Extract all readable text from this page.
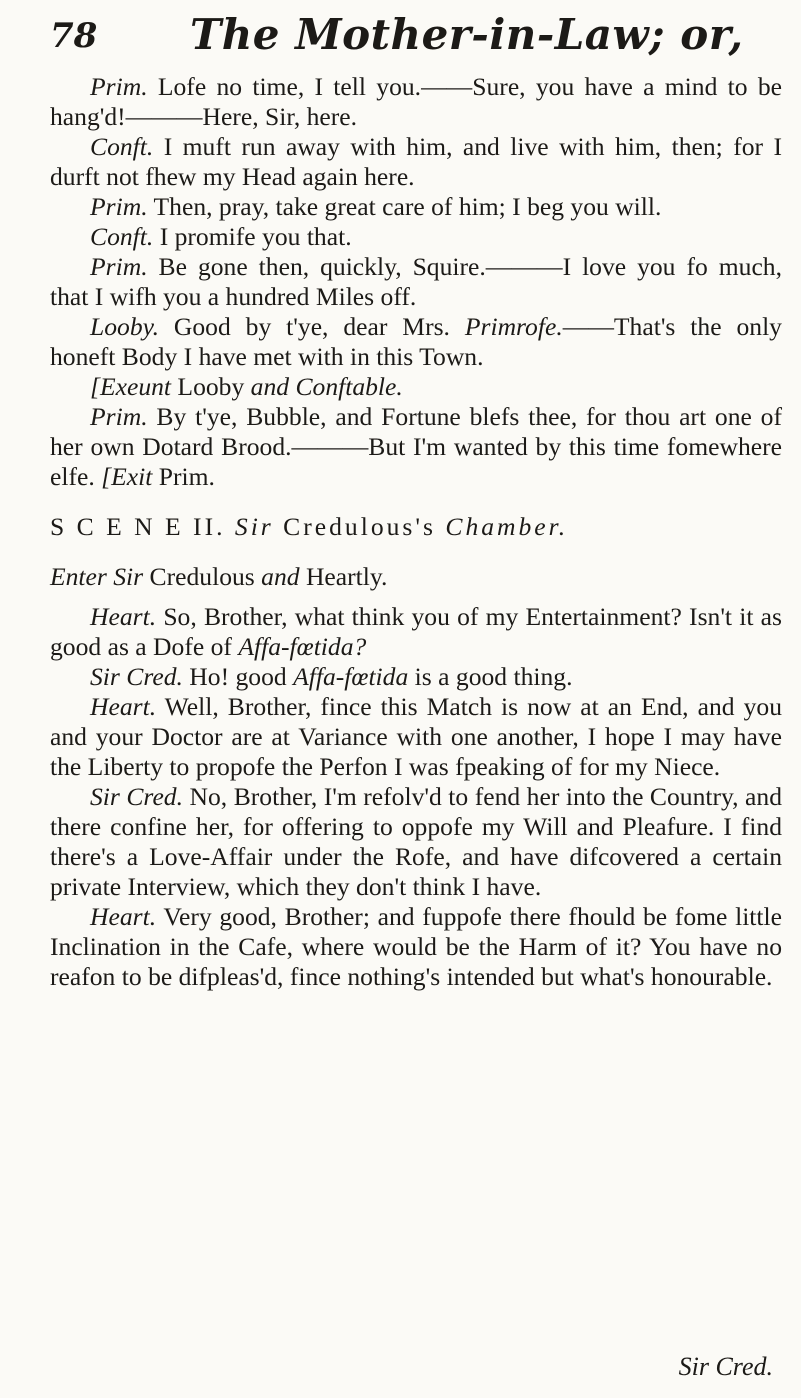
78 The Mother-in-Law; or,

Prim. Lofe no time, I tell you.——Sure, you have a mind to be hang'd!———Here, Sir, here.

Conft. I muft run away with him, and live with him, then; for I durft not fhew my Head again here.

Prim. Then, pray, take great care of him; I beg you will.

Conft. I promife you that.

Prim. Be gone then, quickly, Squire.———I love you fo much, that I wifh you a hundred Miles off.

Looby. Good by t'ye, dear Mrs. Primrofe.——That's the only honeft Body I have met with in this Town.

[Exeunt Looby and Conftable.

Prim. By t'ye, Bubble, and Fortune blefs thee, for thou art one of her own Dotard Brood.———But I'm wanted by this time fomewhere elfe. [Exit Prim.

S C E N E II. Sir Credulous's Chamber.

Enter Sir Credulous and Heartly.

Heart. So, Brother, what think you of my Entertainment? Isn't it as good as a Dofe of Affa-fœtida?

Sir Cred. Ho! good Affa-fœtida is a good thing.

Heart. Well, Brother, fince this Match is now at an End, and you and your Doctor are at Variance with one another, I hope I may have the Liberty to propofe the Perfon I was fpeaking of for my Niece.

Sir Cred. No, Brother, I'm refolv'd to fend her into the Country, and there confine her, for offering to oppofe my Will and Pleafure. I find there's a Love-Affair under the Rofe, and have difcovered a certain private Interview, which they don't think I have.

Heart. Very good, Brother; and fuppofe there fhould be fome little Inclination in the Cafe, where would be the Harm of it? You have no reafon to be difpleas'd, fince nothing's intended but what's honourable.

Sir Cred.
